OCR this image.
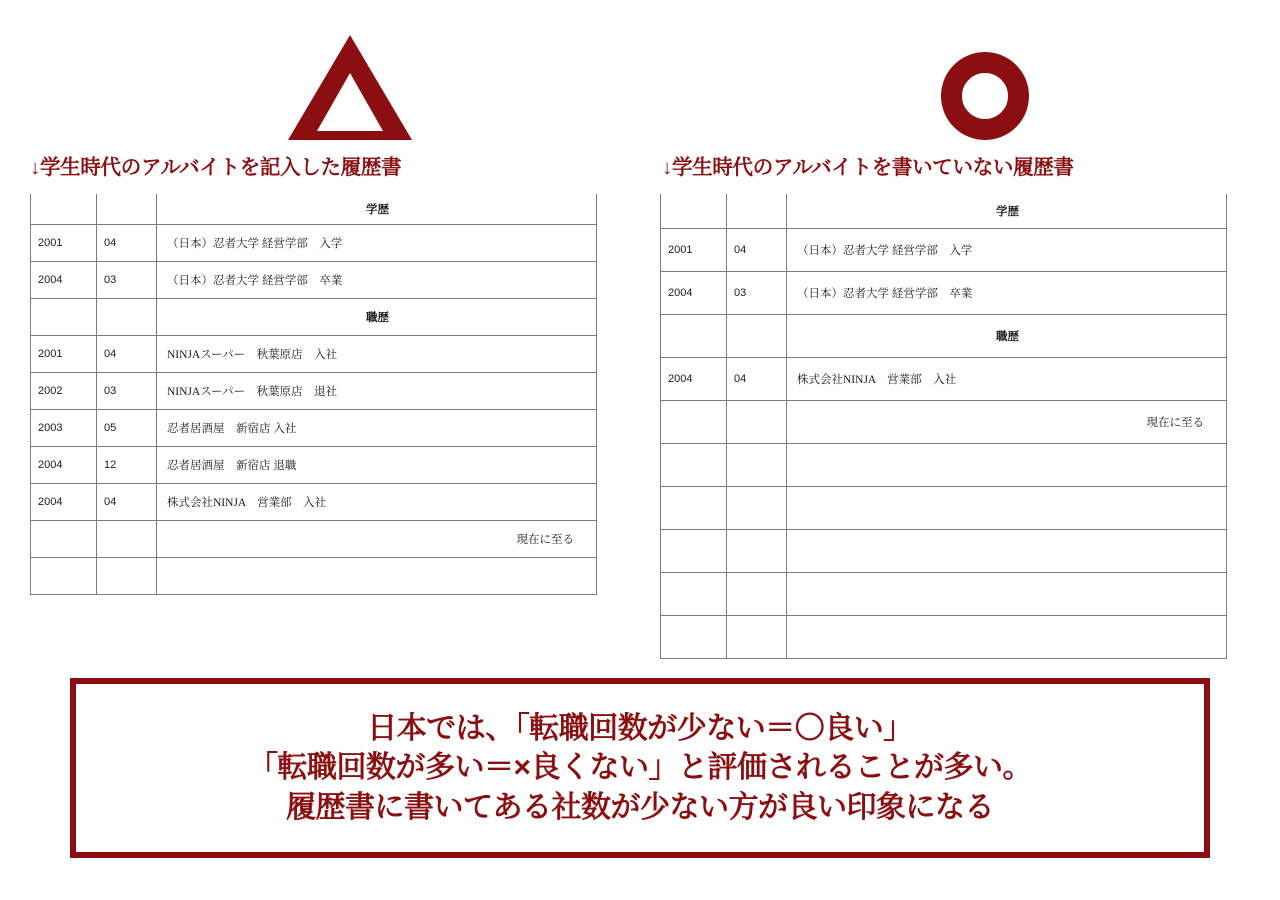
↓学生時代のアルバイトを記入した履歴書
		学歴
2001	04	（日本）忍者大学 経営学部　入学
2004	03	（日本）忍者大学 経営学部　卒業
		職歴
2001	04	NINJAスーパー　秋葉原店　入社
2002	03	NINJAスーパー　秋葉原店　退社
2003	05	忍者居酒屋　新宿店 入社
2004	12	忍者居酒屋　新宿店 退職
2004	04	株式会社NINJA　営業部　入社
		現在に至る

↓学生時代のアルバイトを書いていない履歴書
		学歴
2001	04	（日本）忍者大学 経営学部　入学
2004	03	（日本）忍者大学 経営学部　卒業
		職歴
2004	04	株式会社NINJA　営業部　入社
		現在に至る

日本では、「転職回数が少ない＝〇良い」
「転職回数が多い＝×良くない」と評価されることが多い。
履歴書に書いてある社数が少ない方が良い印象になる
